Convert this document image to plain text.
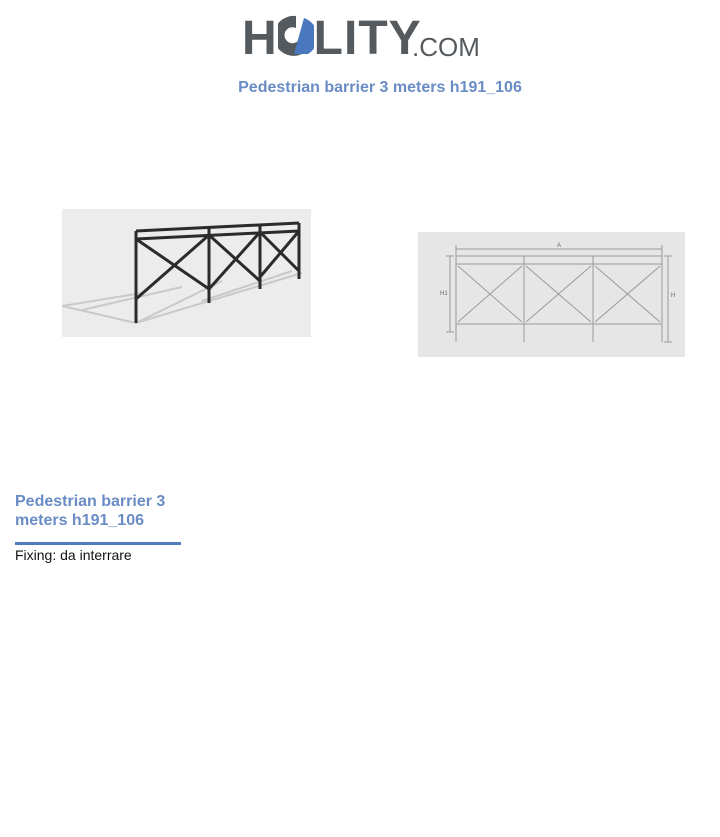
H LITY
.COM
Pedestrian barrier 3 meters h191_106
A
H1	H
Pedestrian barrier 3 meters h191_106
Fixing: da interrare
